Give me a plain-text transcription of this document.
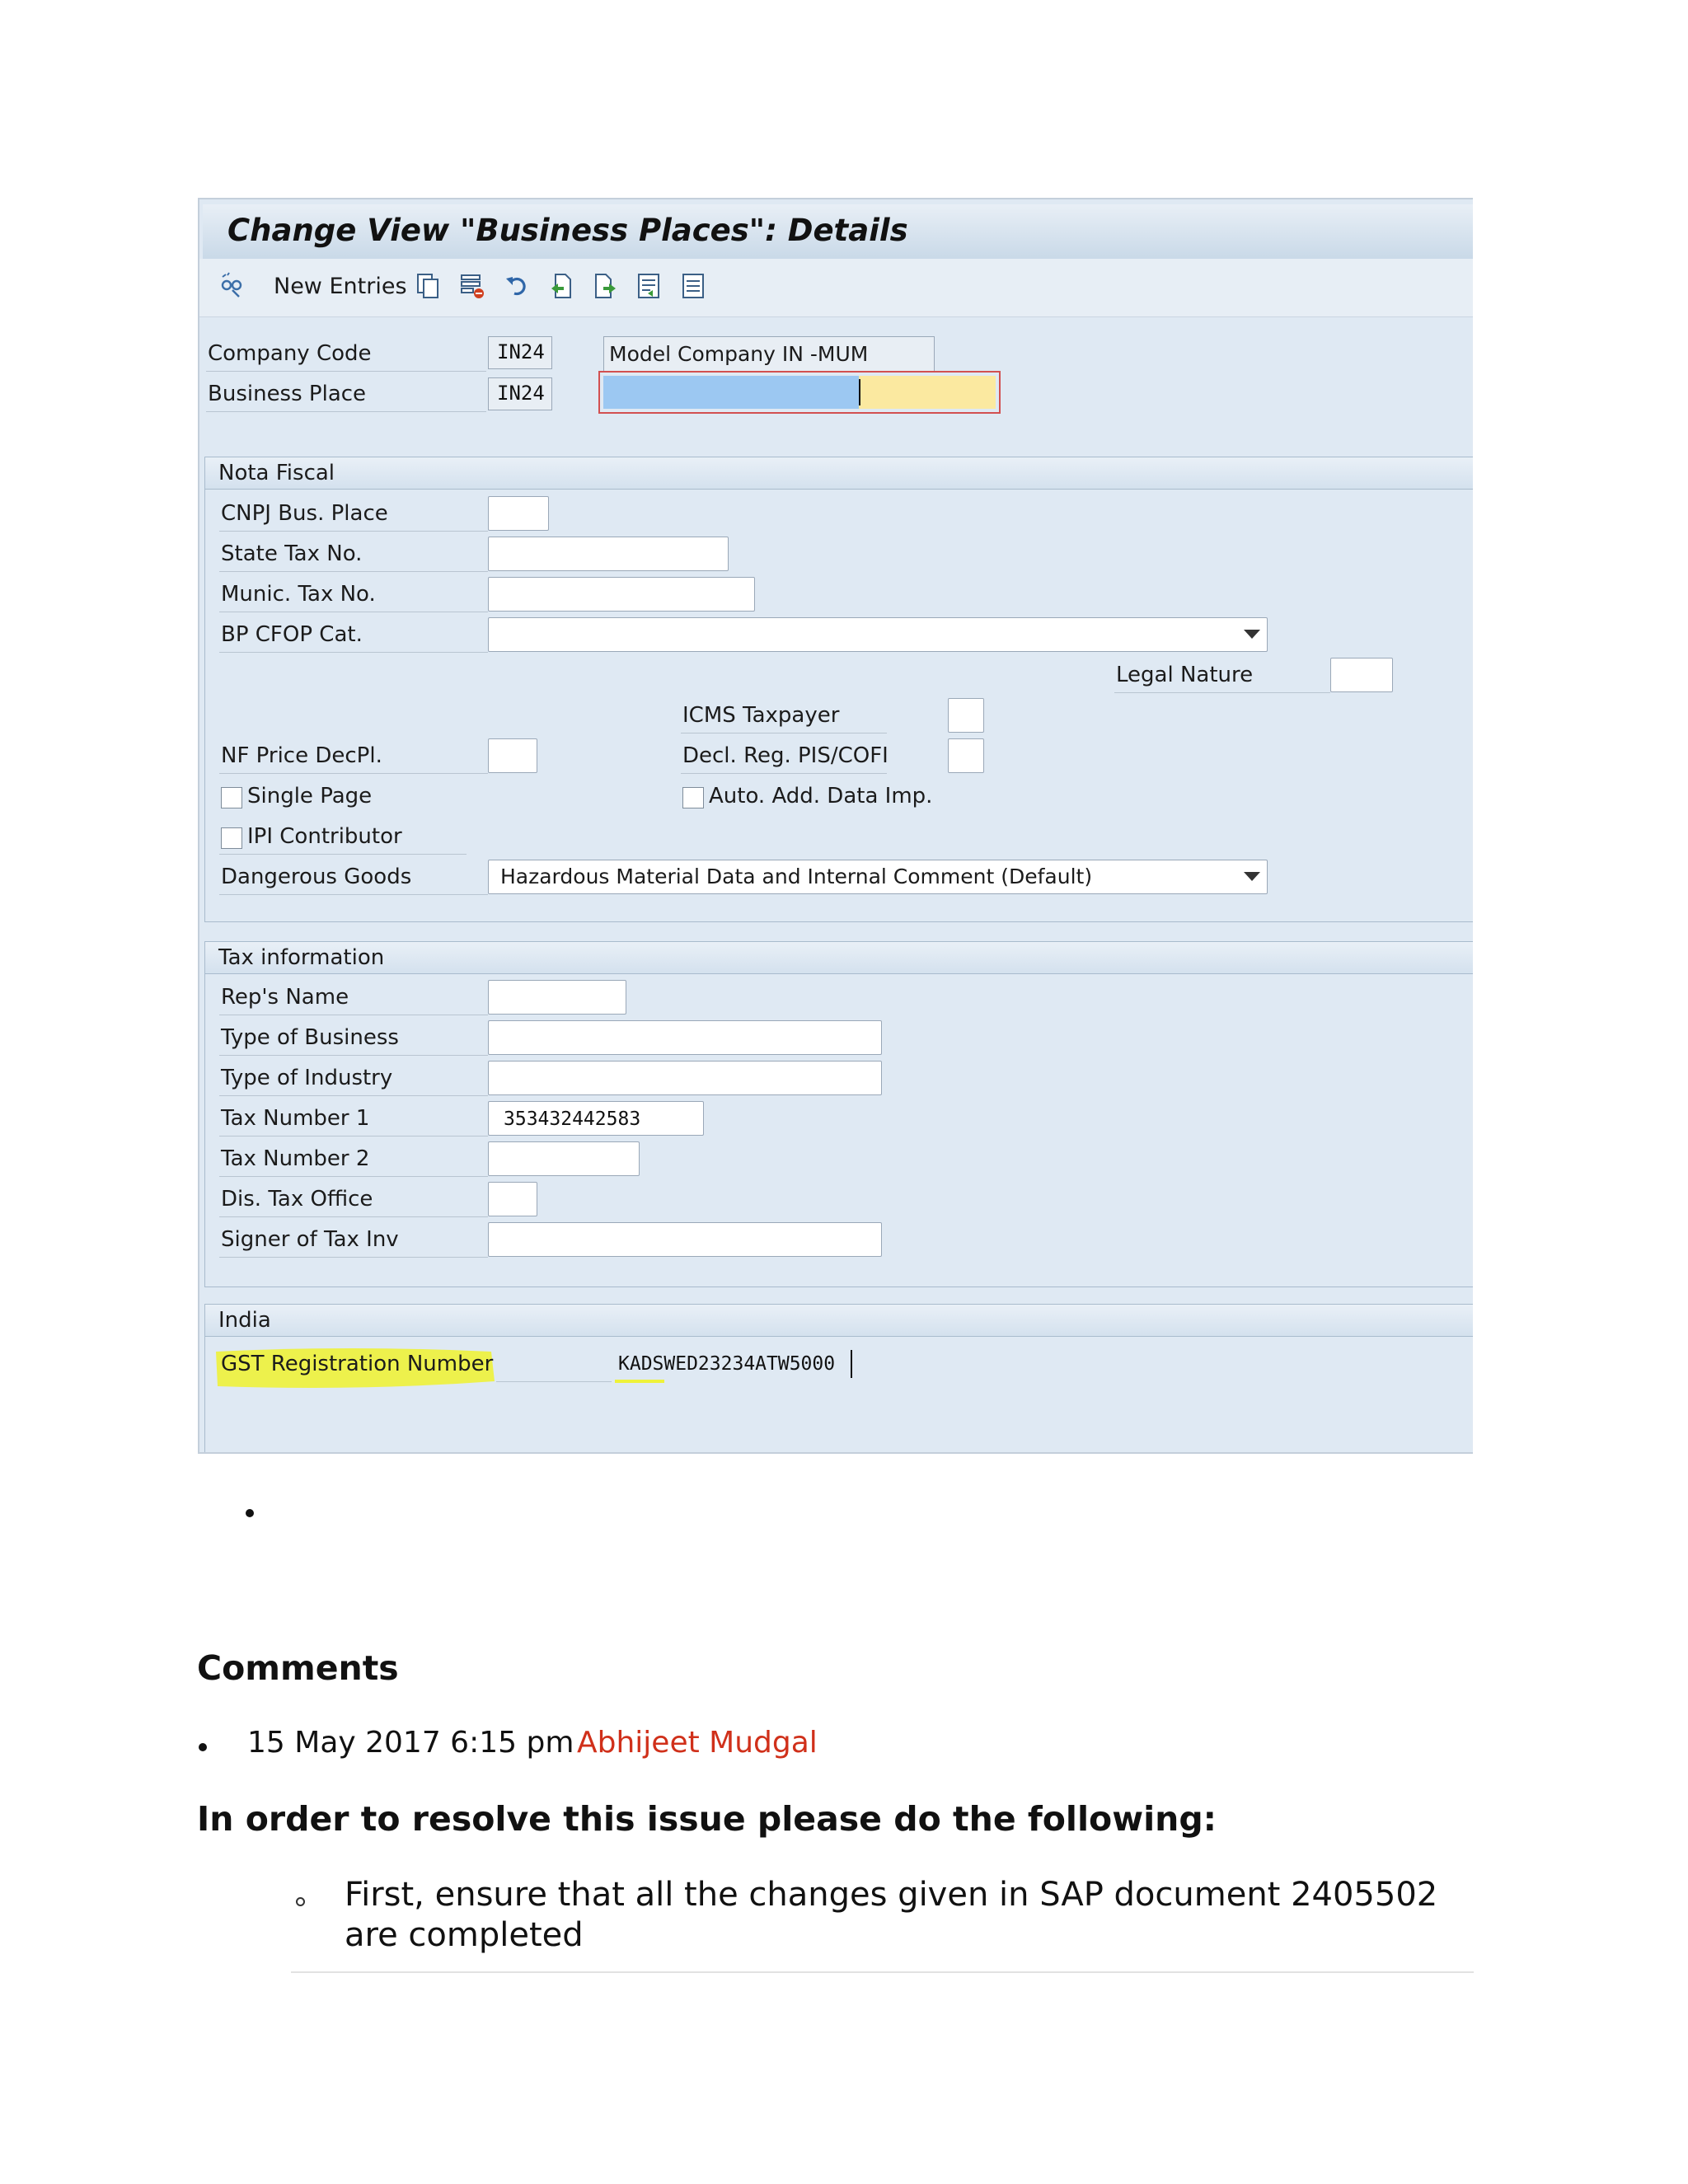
Change View "Business Places": Details
New Entries
Company Code	IN24	Model Company IN -MUM
Business Place	IN24
Nota Fiscal
CNPJ Bus. Place
State Tax No.
Munic. Tax No.
BP CFOP Cat.
Legal Nature
ICMS Taxpayer
NF Price DecPl.	Decl. Reg. PIS/COFI
Single Page	Auto. Add. Data Imp.
IPI Contributor
Dangerous Goods	Hazardous Material Data and Internal Comment (Default)
Tax information
Rep's Name
Type of Business
Type of Industry
Tax Number 1	353432442583
Tax Number 2
Dis. Tax Office
Signer of Tax Inv
India
GST Registration Number	KADSWED23234ATW5000
Comments
15 May 2017 6:15 pm Abhijeet Mudgal
In order to resolve this issue please do the following:
First, ensure that all the changes given in SAP document 2405502
are completed
